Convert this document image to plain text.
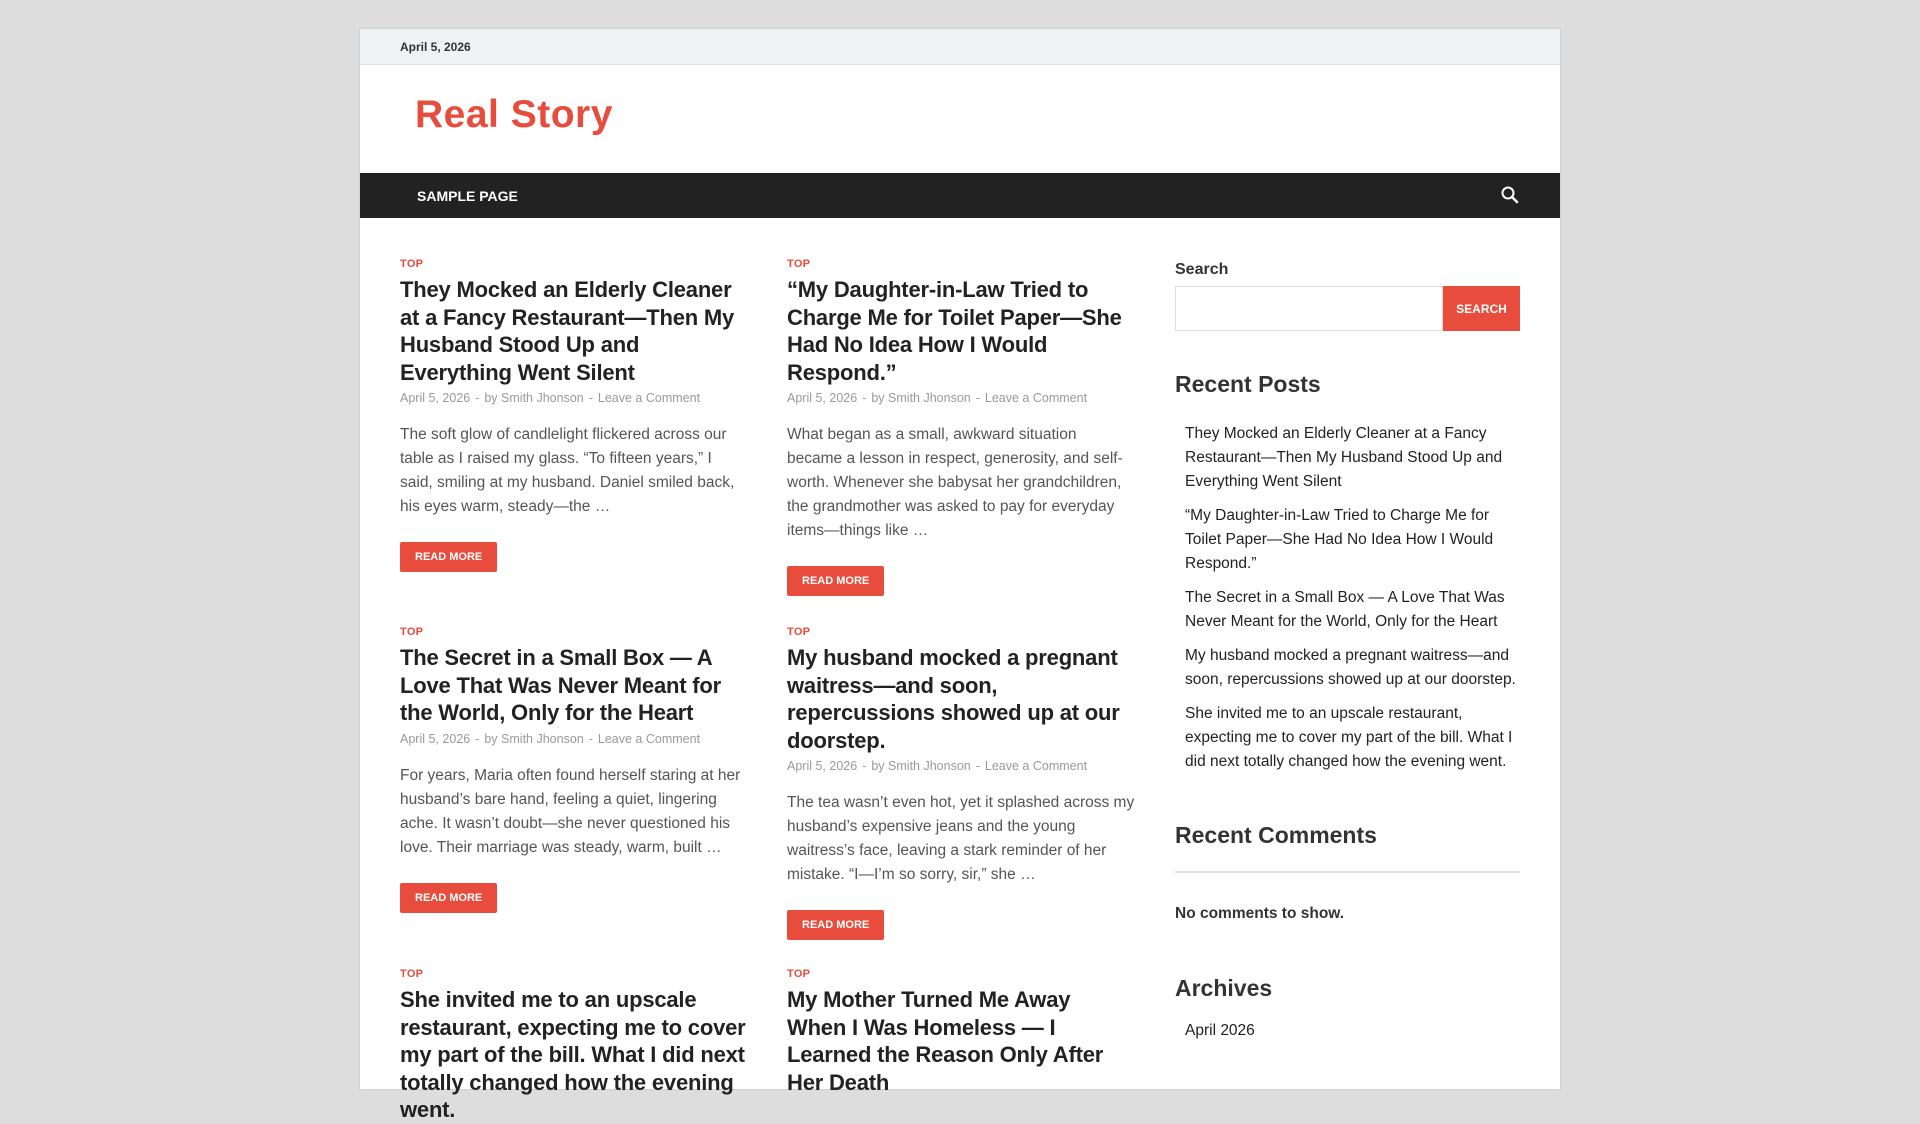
April 5, 2026
Real Story
SAMPLE PAGE
TOP
They Mocked an Elderly Cleaner at a Fancy Restaurant—Then My Husband Stood Up and Everything Went Silent
April 5, 2026 - by Smith Jhonson - Leave a Comment
The soft glow of candlelight flickered across our table as I raised my glass. “To fifteen years,” I said, smiling at my husband. Daniel smiled back, his eyes warm, steady—the …
READ MORE
TOP
“My Daughter-in-Law Tried to Charge Me for Toilet Paper—She Had No Idea How I Would Respond.”
April 5, 2026 - by Smith Jhonson - Leave a Comment
What began as a small, awkward situation became a lesson in respect, generosity, and self-worth. Whenever she babysat her grandchildren, the grandmother was asked to pay for everyday items—things like …
READ MORE
TOP
The Secret in a Small Box — A Love That Was Never Meant for the World, Only for the Heart
April 5, 2026 - by Smith Jhonson - Leave a Comment
For years, Maria often found herself staring at her husband’s bare hand, feeling a quiet, lingering ache. It wasn’t doubt—she never questioned his love. Their marriage was steady, warm, built …
READ MORE
TOP
My husband mocked a pregnant waitress—and soon, repercussions showed up at our doorstep.
April 5, 2026 - by Smith Jhonson - Leave a Comment
The tea wasn’t even hot, yet it splashed across my husband’s expensive jeans and the young waitress’s face, leaving a stark reminder of her mistake. “I—I’m so sorry, sir,” she …
READ MORE
TOP
She invited me to an upscale restaurant, expecting me to cover my part of the bill. What I did next totally changed how the evening went.
TOP
My Mother Turned Me Away When I Was Homeless — I Learned the Reason Only After Her Death
Search
SEARCH
Recent Posts
They Mocked an Elderly Cleaner at a Fancy Restaurant—Then My Husband Stood Up and Everything Went Silent
“My Daughter-in-Law Tried to Charge Me for Toilet Paper—She Had No Idea How I Would Respond.”
The Secret in a Small Box — A Love That Was Never Meant for the World, Only for the Heart
My husband mocked a pregnant waitress—and soon, repercussions showed up at our doorstep.
She invited me to an upscale restaurant, expecting me to cover my part of the bill. What I did next totally changed how the evening went.
Recent Comments
No comments to show.
Archives
April 2026
